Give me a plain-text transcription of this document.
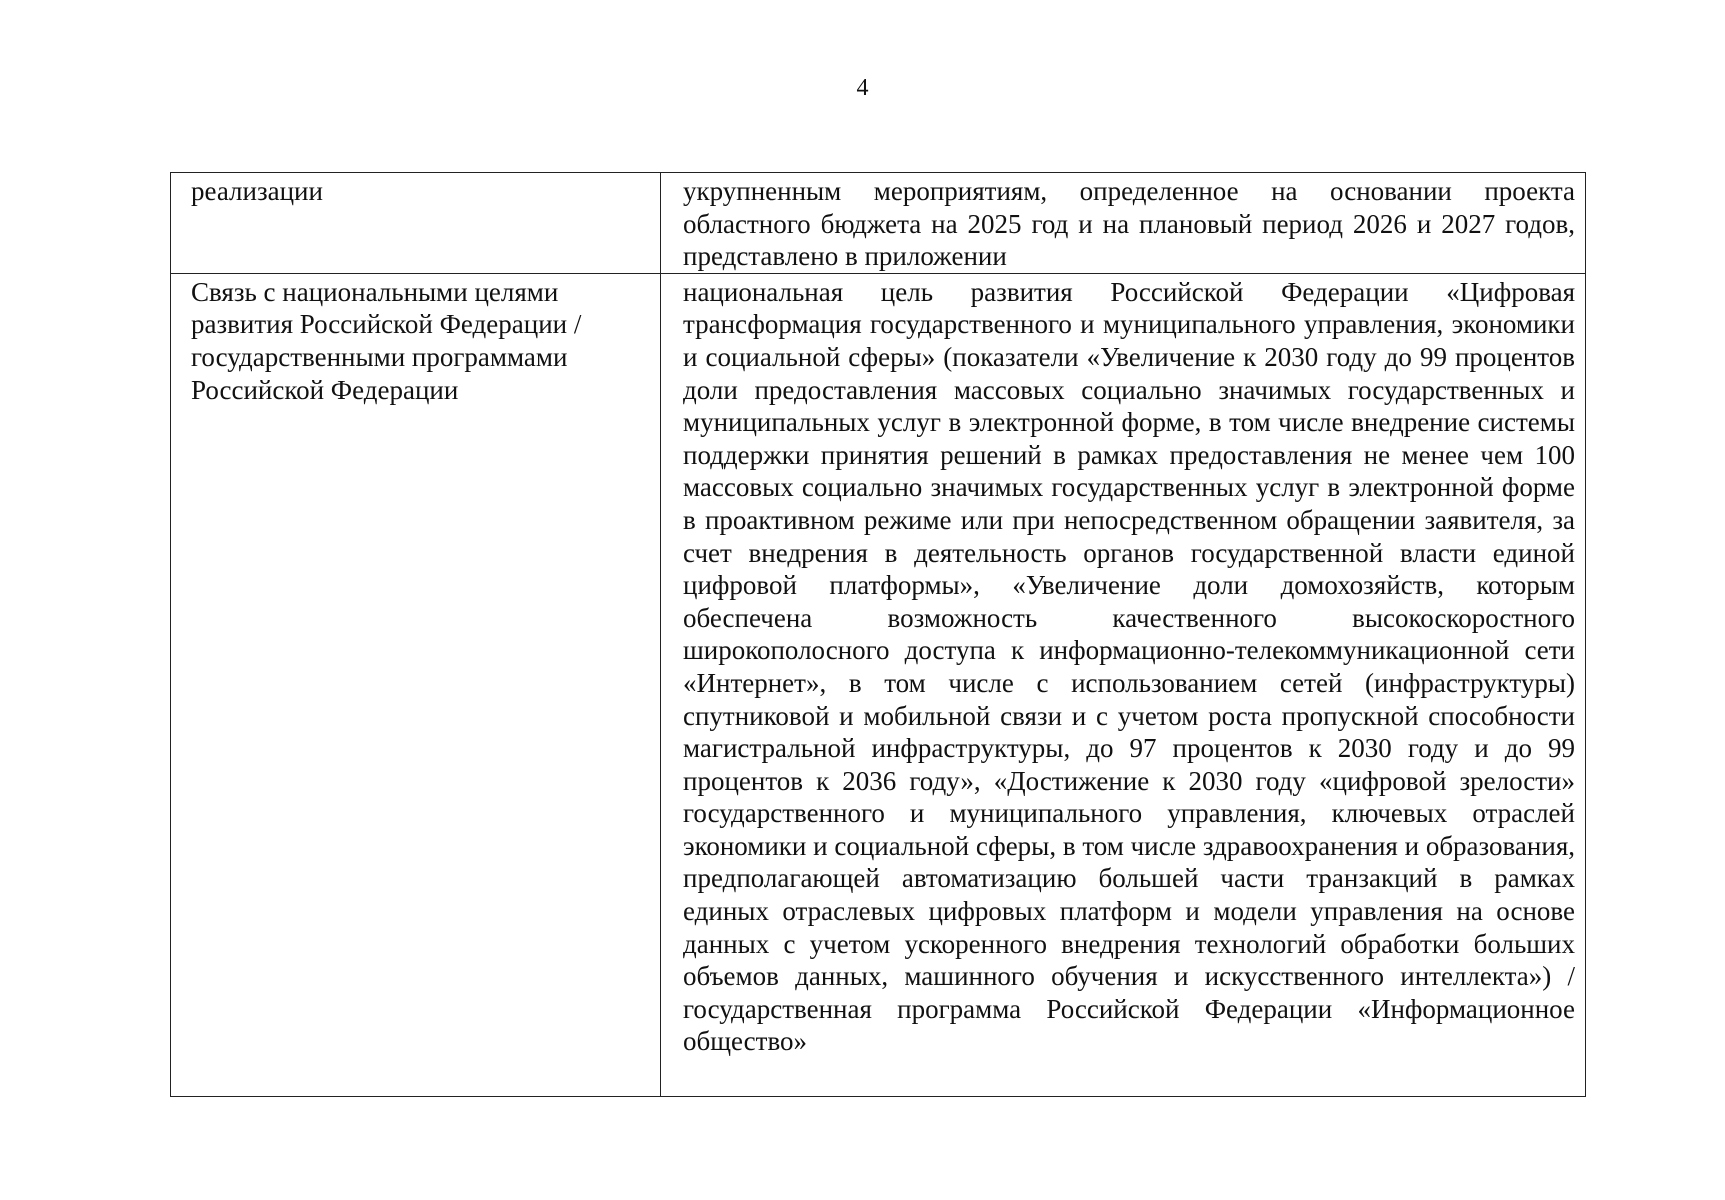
4
реализации	укрупненным мероприятиям, определенное на основании проекта областного бюджета на 2025 год и на плановый период 2026 и 2027 годов, представлено в приложении

Связь с национальными целями развития Российской Федерации / государственными программами Российской Федерации	национальная цель развития Российской Федерации «Цифровая трансформация государственного и муниципального управления, экономики и социальной сферы» (показатели «Увеличение к 2030 году до 99 процентов доли предоставления массовых социально значимых государственных и муниципальных услуг в электронной форме, в том числе внедрение системы поддержки принятия решений в рамках предоставления не менее чем 100 массовых социально значимых государственных услуг в электронной форме в проактивном режиме или при непосредственном обращении заявителя, за счет внедрения в деятельность органов государственной власти единой цифровой платформы», «Увеличение доли домохозяйств, которым обеспечена возможность качественного высокоскоростного широкополосного доступа к информационно-телекоммуникационной сети «Интернет», в том числе с использованием сетей (инфраструктуры) спутниковой и мобильной связи и с учетом роста пропускной способности магистральной инфраструктуры, до 97 процентов к 2030 году и до 99 процентов к 2036 году», «Достижение к 2030 году «цифровой зрелости» государственного и муниципального управления, ключевых отраслей экономики и социальной сферы, в том числе здравоохранения и образования, предполагающей автоматизацию большей части транзакций в рамках единых отраслевых цифровых платформ и модели управления на основе данных с учетом ускоренного внедрения технологий обработки больших объемов данных, машинного обучения и искусственного интеллекта») / государственная программа Российской Федерации «Информационное общество»
